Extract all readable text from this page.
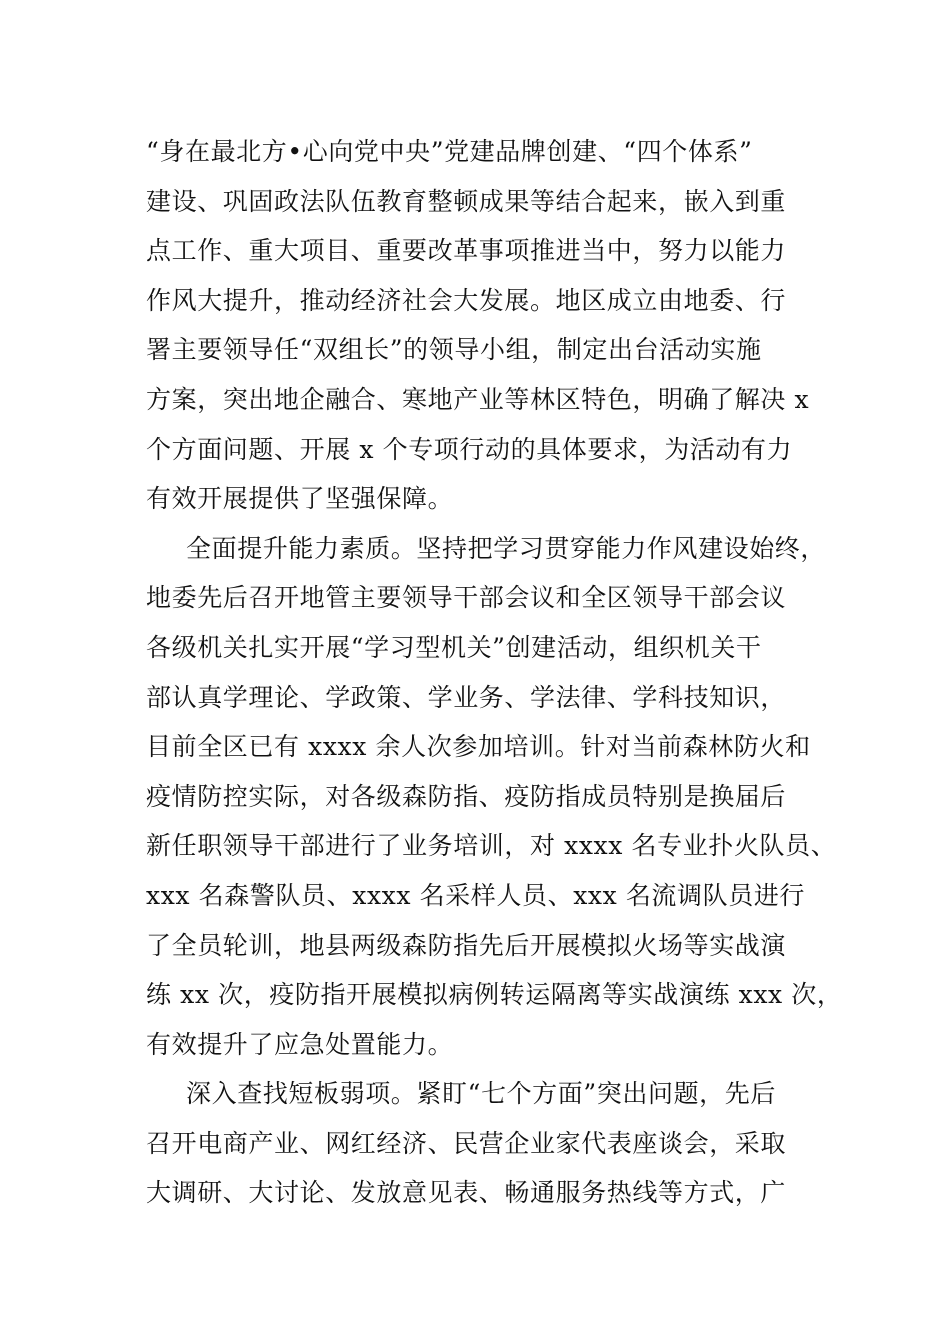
“身在最北方•心向党中央”党建品牌创建、“四个体系”
建设、巩固政法队伍教育整顿成果等结合起来，嵌入到重
点工作、重大项目、重要改革事项推进当中，努力以能力
作风大提升，推动经济社会大发展。地区成立由地委、行
署主要领导任“双组长”的领导小组，制定出台活动实施
方案，突出地企融合、寒地产业等林区特色，明确了解决 x
个方面问题、开展 x 个专项行动的具体要求，为活动有力
有效开展提供了坚强保障。
全面提升能力素质。坚持把学习贯穿能力作风建设始终，
地委先后召开地管主要领导干部会议和全区领导干部会议
各级机关扎实开展“学习型机关”创建活动，组织机关干
部认真学理论、学政策、学业务、学法律、学科技知识，
目前全区已有 xxxx 余人次参加培训。针对当前森林防火和
疫情防控实际，对各级森防指、疫防指成员特别是换届后
新任职领导干部进行了业务培训，对 xxxx 名专业扑火队员、
xxx 名森警队员、xxxx 名采样人员、xxx 名流调队员进行
了全员轮训，地县两级森防指先后开展模拟火场等实战演
练 xx 次，疫防指开展模拟病例转运隔离等实战演练 xxx 次，
有效提升了应急处置能力。
深入查找短板弱项。紧盯“七个方面”突出问题，先后
召开电商产业、网红经济、民营企业家代表座谈会，采取
大调研、大讨论、发放意见表、畅通服务热线等方式，广
